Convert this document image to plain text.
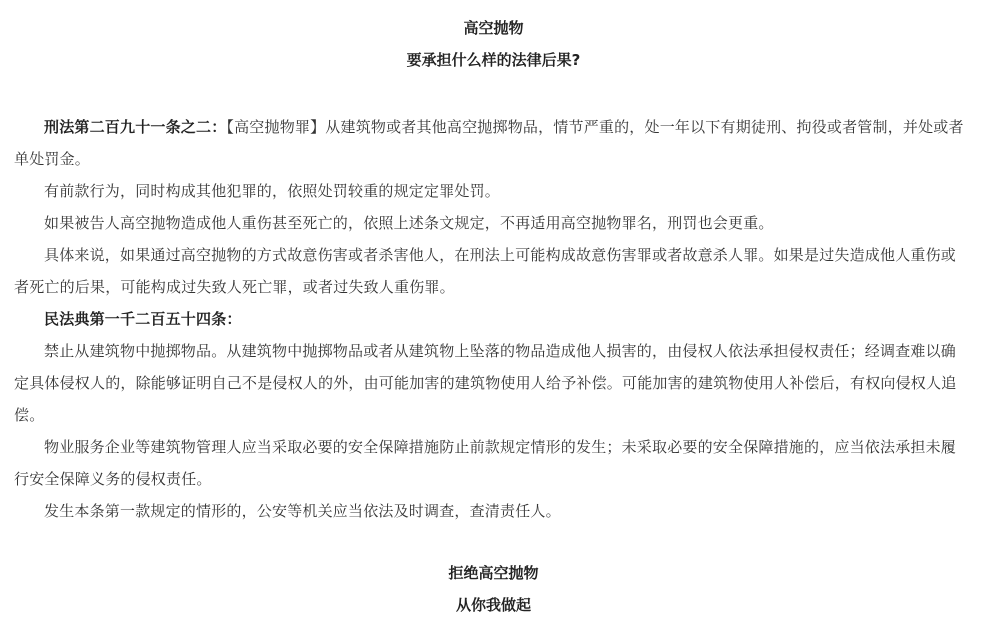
高空抛物
要承担什么样的法律后果?

刑法第二百九十一条之二：【高空抛物罪】从建筑物或者其他高空抛掷物品，情节严重的，处一年以下有期徒刑、拘役或者管制，并处或者单处罚金。

有前款行为，同时构成其他犯罪的，依照处罚较重的规定定罪处罚。

如果被告人高空抛物造成他人重伤甚至死亡的，依照上述条文规定，不再适用高空抛物罪名，刑罚也会更重。

具体来说，如果通过高空抛物的方式故意伤害或者杀害他人，在刑法上可能构成故意伤害罪或者故意杀人罪。如果是过失造成他人重伤或者死亡的后果，可能构成过失致人死亡罪，或者过失致人重伤罪。

民法典第一千二百五十四条：

禁止从建筑物中抛掷物品。从建筑物中抛掷物品或者从建筑物上坠落的物品造成他人损害的，由侵权人依法承担侵权责任；经调查难以确定具体侵权人的，除能够证明自己不是侵权人的外，由可能加害的建筑物使用人给予补偿。可能加害的建筑物使用人补偿后，有权向侵权人追偿。

物业服务企业等建筑物管理人应当采取必要的安全保障措施防止前款规定情形的发生；未采取必要的安全保障措施的，应当依法承担未履行安全保障义务的侵权责任。

发生本条第一款规定的情形的，公安等机关应当依法及时调查，查清责任人。

拒绝高空抛物
从你我做起
